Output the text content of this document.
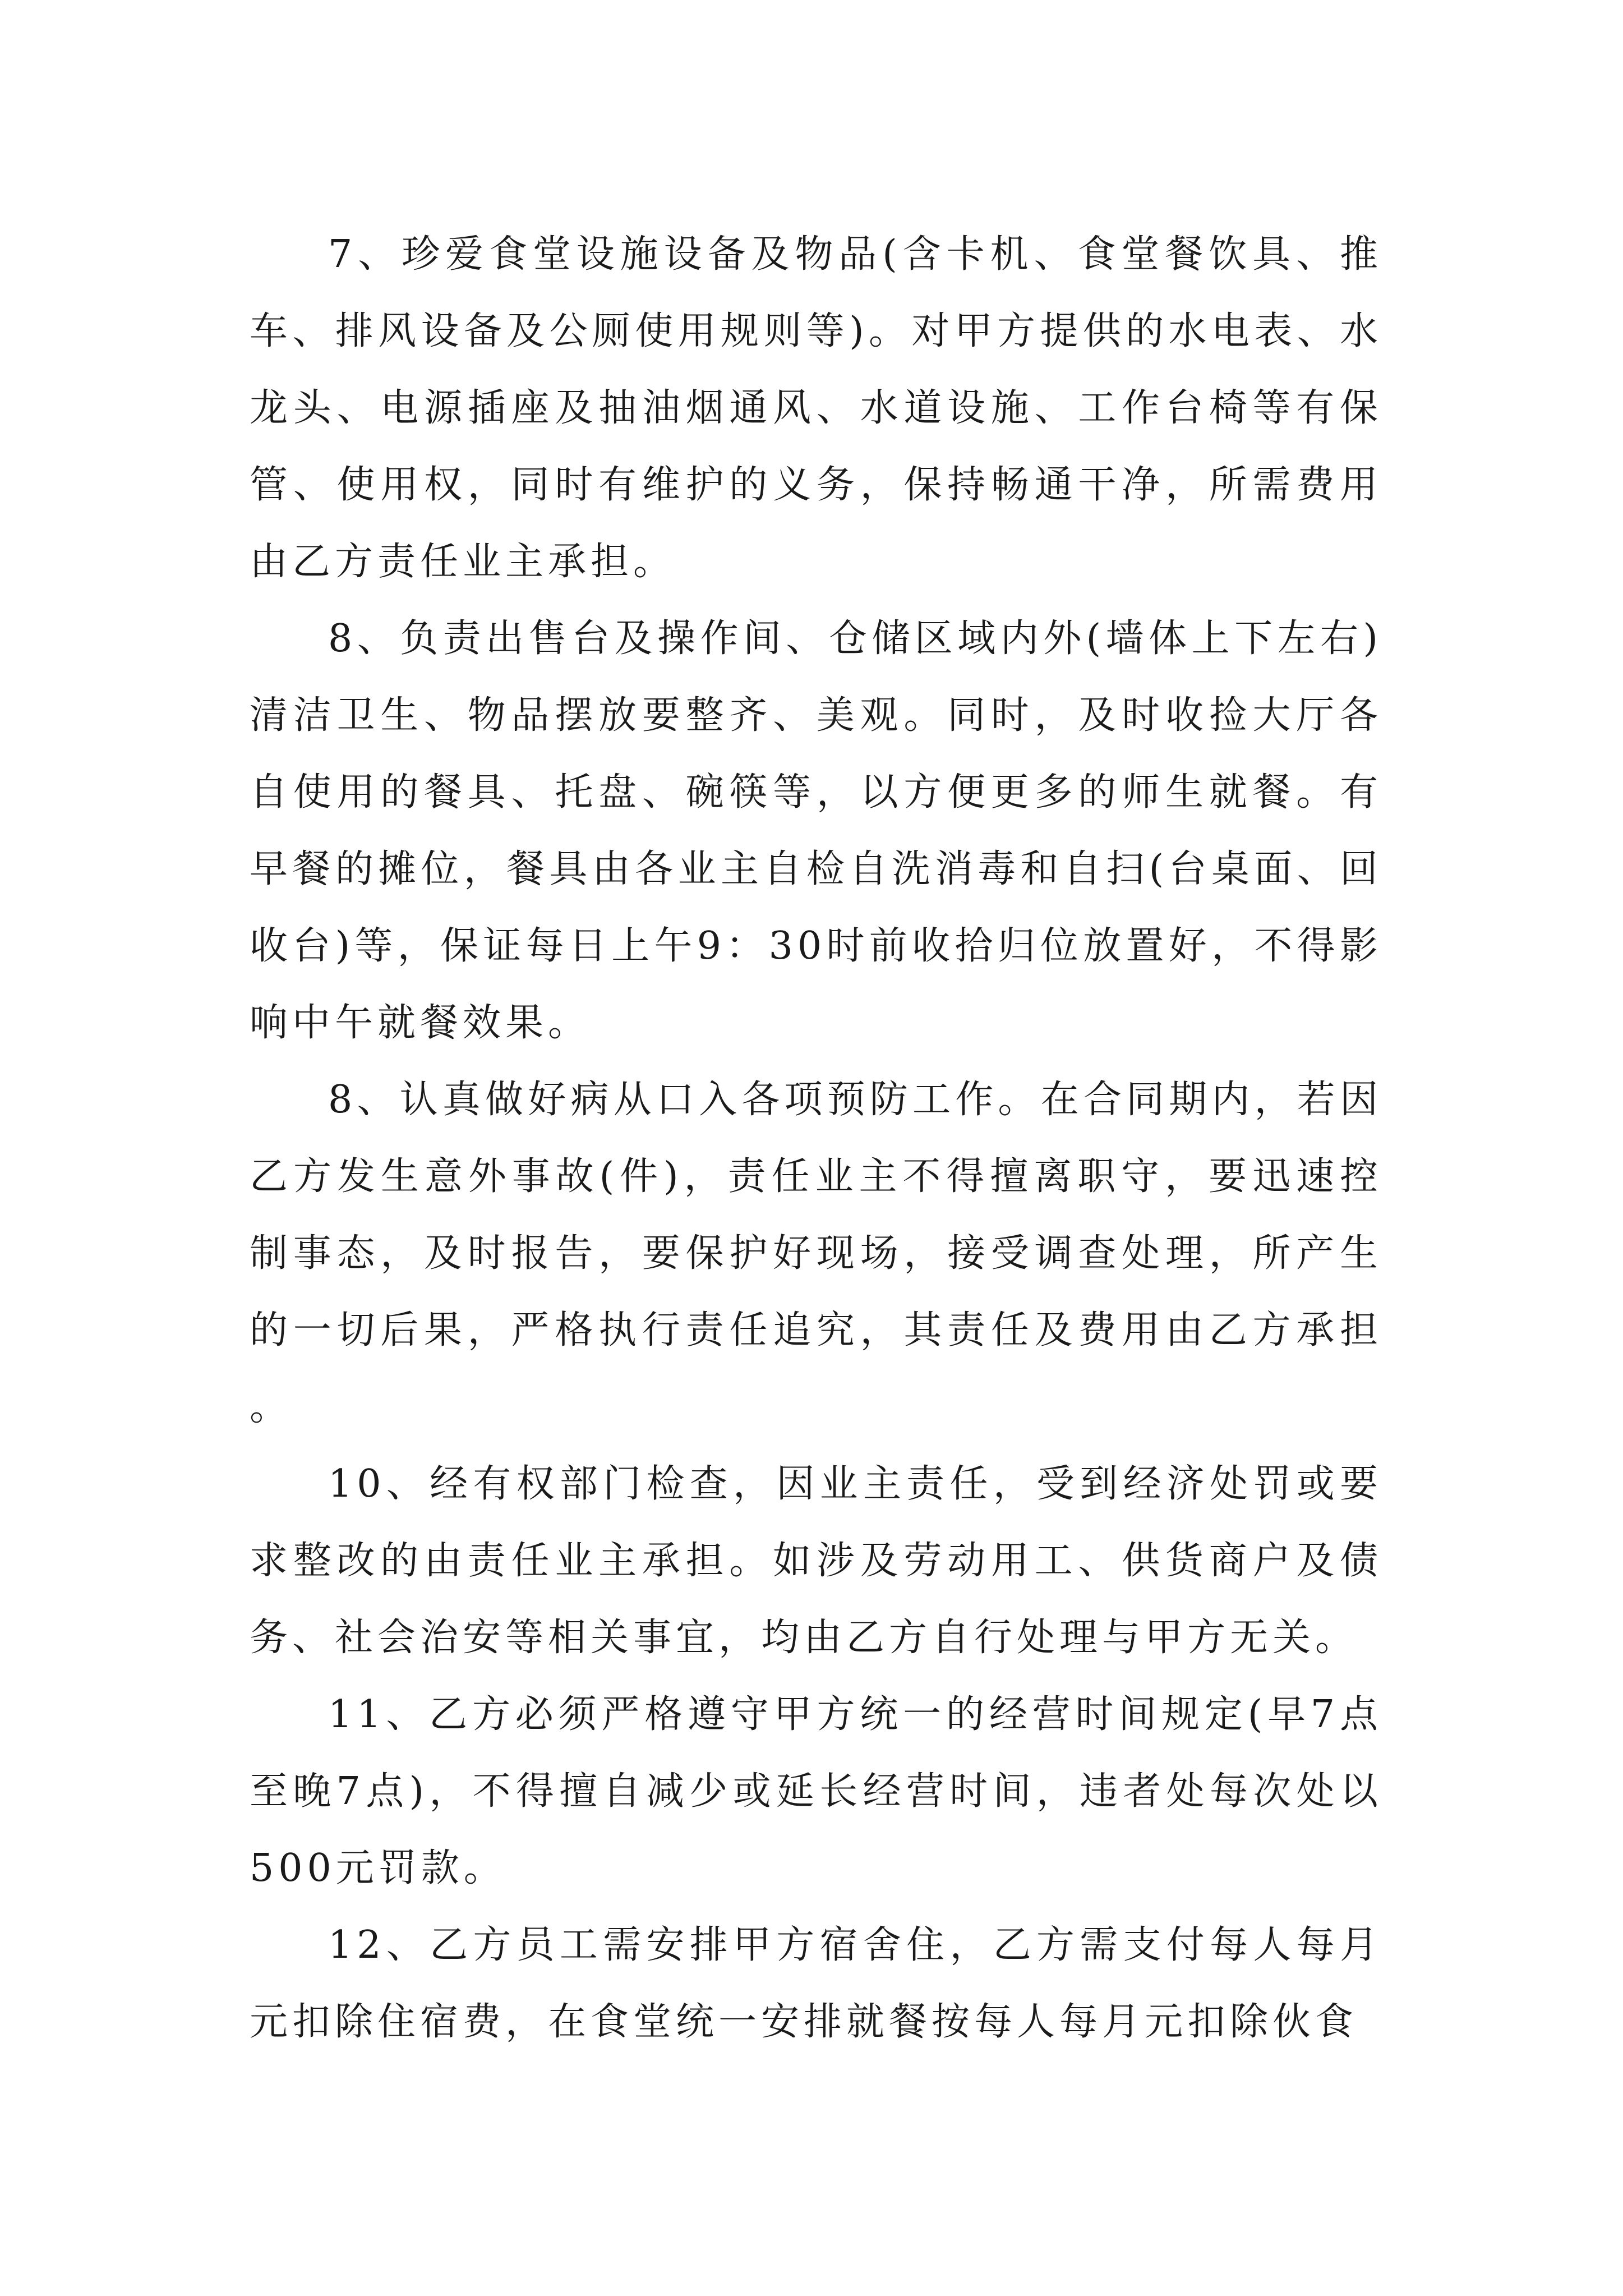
7、珍爱食堂设施设备及物品(含卡机、食堂餐饮具、推车、排风设备及公厕使用规则等)。对甲方提供的水电表、水龙头、电源插座及抽油烟通风、水道设施、工作台椅等有保管、使用权，同时有维护的义务，保持畅通干净，所需费用由乙方责任业主承担。

8、负责出售台及操作间、仓储区域内外(墙体上下左右)清洁卫生、物品摆放要整齐、美观。同时，及时收捡大厅各自使用的餐具、托盘、碗筷等，以方便更多的师生就餐。有早餐的摊位，餐具由各业主自检自洗消毒和自扫(台桌面、回收台)等，保证每日上午9：30时前收拾归位放置好，不得影响中午就餐效果。

8、认真做好病从口入各项预防工作。在合同期内，若因乙方发生意外事故(件)，责任业主不得擅离职守，要迅速控制事态，及时报告，要保护好现场，接受调查处理，所产生的一切后果，严格执行责任追究，其责任及费用由乙方承担。

10、经有权部门检查，因业主责任，受到经济处罚或要求整改的由责任业主承担。如涉及劳动用工、供货商户及债务、社会治安等相关事宜，均由乙方自行处理与甲方无关。

11、乙方必须严格遵守甲方统一的经营时间规定(早7点至晚7点)，不得擅自减少或延长经营时间，违者处每次处以500元罚款。

12、乙方员工需安排甲方宿舍住，乙方需支付每人每月元扣除住宿费，在食堂统一安排就餐按每人每月元扣除伙食
